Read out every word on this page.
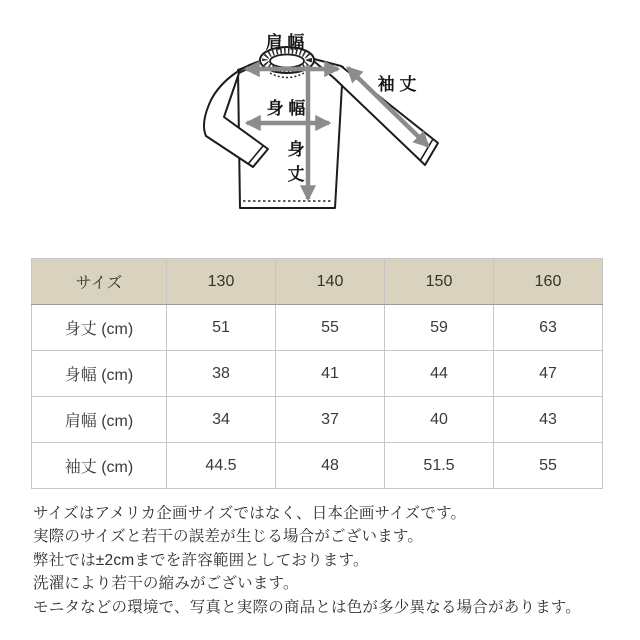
肩 幅
袖 丈
身 幅
身
丈
サイズ	130	140	150	160
身丈 (cm)	51	55	59	63
身幅 (cm)	38	41	44	47
肩幅 (cm)	34	37	40	43
袖丈 (cm)	44.5	48	51.5	55

サイズはアメリカ企画サイズではなく、日本企画サイズです。

実際のサイズと若干の誤差が生じる場合がございます。

弊社では±2cmまでを許容範囲としております。

洗濯により若干の縮みがございます。

モニタなどの環境で、写真と実際の商品とは色が多少異なる場合があります。
